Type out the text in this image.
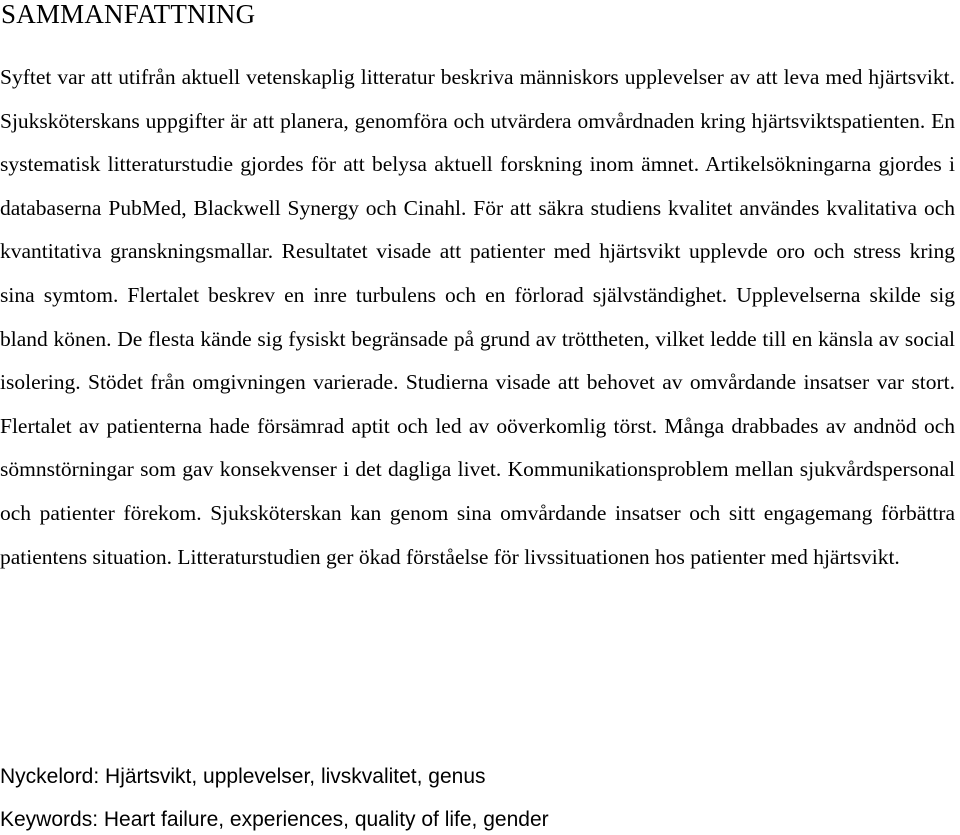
SAMMANFATTNING

Syftet var att utifrån aktuell vetenskaplig litteratur beskriva människors upplevelser av att leva med hjärtsvikt. Sjuksköterskans uppgifter är att planera, genomföra och utvärdera omvårdnaden kring hjärtsviktspatienten. En systematisk litteraturstudie gjordes för att belysa aktuell forskning inom ämnet. Artikelsökningarna gjordes i databaserna PubMed, Blackwell Synergy och Cinahl. För att säkra studiens kvalitet användes kvalitativa och kvantitativa granskningsmallar. Resultatet visade att patienter med hjärtsvikt upplevde oro och stress kring sina symtom. Flertalet beskrev en inre turbulens och en förlorad självständighet. Upplevelserna skilde sig bland könen. De flesta kände sig fysiskt begränsade på grund av tröttheten, vilket ledde till en känsla av social isolering. Stödet från omgivningen varierade. Studierna visade att behovet av omvårdande insatser var stort. Flertalet av patienterna hade försämrad aptit och led av oöverkomlig törst. Många drabbades av andnöd och sömnstörningar som gav konsekvenser i det dagliga livet. Kommunikationsproblem mellan sjukvårdspersonal och patienter förekom. Sjuksköterskan kan genom sina omvårdande insatser och sitt engagemang förbättra patientens situation. Litteraturstudien ger ökad förståelse för livssituationen hos patienter med hjärtsvikt.

Nyckelord: Hjärtsvikt, upplevelser, livskvalitet, genus

Keywords: Heart failure, experiences, quality of life, gender
